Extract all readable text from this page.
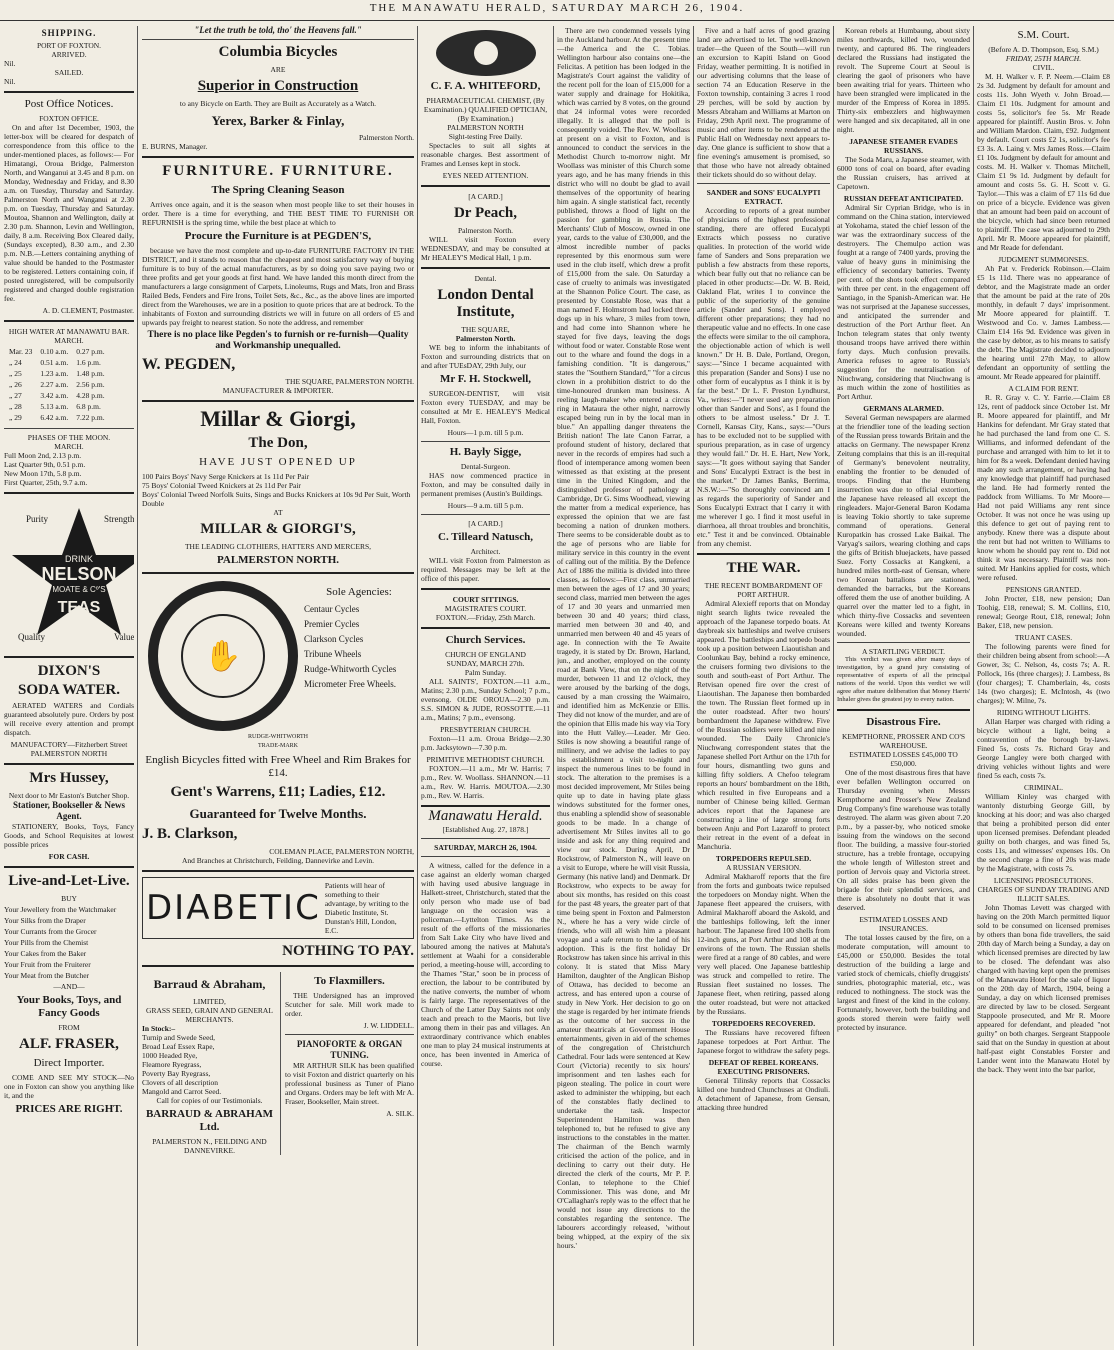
THE MANAWATU HERALD, SATURDAY MARCH 26, 1904.
SHIPPING.
PORT OF FOXTON.
ARRIVED.
Nil.
SAILED.
Nil.
Post Office Notices.
FOXTON OFFICE.

On and after 1st December, 1903, the letter-box will be cleared for despatch of correspondence from this office to the under-mentioned places, as follows:— For Himatangi, Oroua Bridge, Palmerston North, and Wanganui at 3.45 and 8 p.m. on Monday, Wednesday and Friday, and 8.30 a.m. on Tuesday, Thursday and Saturday. Palmerston North and Wanganui at 2.30 p.m. on Tuesday, Thursday and Saturday. Moutoa, Shannon and Wellington, daily at 2.30 p.m. Shannon, Levin and Wellington, daily, 8 a.m. Receiving Box Cleared daily, (Sundays excepted), 8.30 a.m., and 2.30 p.m. N.B.—Letters containing anything of value should be handed to the Postmaster to be registered. Letters containing coin, if posted unregistered, will be compulsorily registered and charged double registration fee.

A. D. CLEMENT, Postmaster.
HIGH WATER AT MANAWATU BAR.
MARCH.
Mar. 23	0.10 a.m.	0.27 p.m.
„ 24	0.51 a.m.	1.6 p.m.
„ 25	1.23 a.m.	1.48 p.m.
„ 26	2.27 a.m.	2.56 p.m.
„ 27	3.42 a.m.	4.28 p.m.
„ 28	5.13 a.m.	6.8 p.m.
„ 29	6.42 a.m.	7.22 p.m.
PHASES OF THE MOON.
MARCH.
Full Moon 2nd, 2.13 p.m.
Last Quarter 9th, 0.51 p.m.
New Moon 17th, 5.8 p.m.
First Quarter, 25th, 9.7 a.m.
Purity	Strength
DRINK
NELSON
MOATE & Cº'S
TEAS
Quality	Value
DIXON'S
SODA WATER.

AERATED WATERS and Cordials guaranteed absolutely pure. Orders by post will receive every attention and prompt dispatch.

MANUFACTORY—Fitzherbert Street PALMERSTON NORTH
Mrs Hussey,
Next door to Mr Easton's Butcher Shop.
Stationer, Bookseller & News Agent.

STATIONERY, Books, Toys, Fancy Goods, and School Requisites at lowest possible prices

FOR CASH.
Live-and-Let-Live.
BUY
Your Jewellery from the Watchmaker
Your Silks from the Draper
Your Currants from the Grocer
Your Pills from the Chemist
Your Cakes from the Baker
Your Fruit from the Fruiterer
Your Meat from the Butcher
—AND—
Your Books, Toys, and Fancy Goods
FROM
ALF. FRASER,
Direct Importer.

COME AND SEE MY STOCK—No one in Foxton can show you anything like it, and the

PRICES ARE RIGHT.
"Let the truth be told, tho' the Heavens fall."
Columbia Bicycles
ARE
Superior in Construction
to any Bicycle on Earth. They are Built as Accurately as a Watch.
Yerex, Barker & Finlay,
Palmerston North.
E. BURNS, Manager.
FURNITURE. FURNITURE.
The Spring Cleaning Season

Arrives once again, and it is the season when most people like to set their houses in order. There is a time for everything, and THE BEST TIME TO FURNISH OR REFURNISH is the spring time, while the best place at which to

Procure the Furniture is at PEGDEN'S,

because we have the most complete and up-to-date FURNITURE FACTORY IN THE DISTRICT, and it stands to reason that the cheapest and most satisfactory way of buying furniture is to buy of the actual manufacturers, as by so doing you save paying two or three profits and get your goods at first hand. We have landed this month direct from the manufacturers a large consignment of Carpets, Linoleums, Rugs and Mats, Iron and Brass Railed Beds, Fenders and Fire Irons, Toilet Sets, &c., &c., as the above lines are imported direct from the Warehouses, we are in a position to quote prices that are at bedrock. To the inhabitants of Foxton and surrounding districts we will in future on all orders of £5 and upwards pay freight to nearest station. So note the address, and remember

There is no place like Pegden's to furnish or re-furnish—Quality and Workmanship unequalled.
W. PEGDEN,
THE SQUARE, PALMERSTON NORTH.
MANUFACTURER & IMPORTER.
Millar & Giorgi,
The Don,
HAVE JUST OPENED UP
100 Pairs Boys' Navy Serge Knickers at 1s 11d Per Pair
75 Boys' Colonial Tweed Knickers at 2s 11d Per Pair
Boys' Colonial Tweed Norfolk Suits, Sings and Bucks Knickers at 10s 9d Per Suit, Worth Double
AT
MILLAR & GIORGI'S,
THE LEADING CLOTHIERS, HATTERS AND MERCERS,
PALMERSTON NORTH.
✋
Sole Agencies:
Centaur Cycles
Premier Cycles
Clarkson Cycles
Tribune Wheels
Rudge-Whitworth Cycles
Micrometer Free Wheels.
RUDGE-WHITWORTH
TRADE-MARK
English Bicycles fitted with Free Wheel and Rim Brakes for £14.
Gent's Warrens, £11; Ladies, £12.
Guaranteed for Twelve Months.
J. B. Clarkson,
COLEMAN PLACE, PALMERSTON NORTH,
And Branches at Christchurch, Feilding, Dannevirke and Levin.
DIABETIC
Patients will hear of something to their advantage, by writing to the Diabetic Institute, St. Dunstan's Hill, London, E.C.
NOTHING TO PAY.
Barraud & Abraham,
LIMITED,
GRASS SEED, GRAIN AND GENERAL MERCHANTS.
In Stock:–
Turnip and Swede Seed,
Broad Leaf Essex Rape,
1000 Headed Rye,
Fleamore Ryegrass,
Poverty Bay Ryegrass,
Clovers of all description
Mangold and Carrot Seed.
Call for copies of our Testimonials.
BARRAUD & ABRAHAM Ltd.
PALMERSTON N., FEILDING AND DANNEVIRKE.
To Flaxmillers.

THE Undersigned has an improved Scutcher for sale. Mill work made to order.

J. W. LIDDELL.
PIANOFORTE & ORGAN TUNING.

MR ARTHUR SILK has been qualified to visit Foxton and district quarterly on his professional business as Tuner of Piano and Organs. Orders may be left with Mr A. Fraser, Bookseller, Main street.

A. SILK.
C. F. A. WHITEFORD,
PHARMACEUTICAL CHEMIST, (By Examination.) QUALIFIED OPTICIAN, (By Examination.)
PALMERSTON NORTH
Sight-testing Free Daily.

Spectacles to suit all sights at reasonable charges. Best assortment of Frames and Lenses kept in stock.

EYES NEED ATTENTION.
[A CARD.]
Dr Peach,
Palmerston North.

WILL visit Foxton every WEDNESDAY, and may be consulted at Mr HEALEY'S Medical Hall, 1 p.m.

Dental.
London Dental Institute,
THE SQUARE,
Palmerston North.

WE beg to inform the inhabitants of Foxton and surrounding districts that on and after TUEsDAY, 29th July, our

Mr F. H. Stockwell,

SURGEON-DENTIST, will visit Foxton every TUESDAY, and may be consulted at Mr E. HEALEY'S Medical Hall, Foxton.

Hours—1 p.m. till 5 p.m.
H. Bayly Sigge,
Dental-Surgeon.

HAS now commenced practice in Foxton, and may be consulted daily in permanent premises (Austin's Buildings.

Hours—9 a.m. till 5 p.m.
[A CARD.]
C. Tilleard Natusch,
Architect.

WILL visit Foxton from Palmerston as required. Messages may be left at the office of this paper.

COURT SITTINGS.
MAGISTRATE'S COURT.
FOXTON.—Friday, 25th March.
Church Services.
CHURCH OF ENGLAND
SUNDAY, MARCH 27th.
Palm Sunday.

ALL SAINTS', FOXTON.—11 a.m., Matins; 2.30 p.m., Sunday School; 7 p.m., evensong. OLDE OROUA—2.30 p.m. S.S. SIMON & JUDE, ROSSOTTE.—11 a.m., Matins; 7 p.m., evensong.

PRESBYTERIAN CHURCH.

Foxton—11 a.m. Oroua Bridge—2.30 p.m. Jacksytown—7.30 p.m.

PRIMITIVE METHODIST CHURCH.

FOXTON.—11 a.m., Mr W. Harris; 7 p.m., Rev. W. Woollass. SHANNON.—11 a.m., Rev. W. Harris. MOUTOA.—2.30 p.m., Rev. W. Harris.

Manawatu Herald.
[Established Aug. 27, 1878.]
SATURDAY, MARCH 26, 1904.

A witness, called for the defence in a case against an elderly woman charged with having used abusive language in Halkett-street, Christchurch, stated that the only person who made use of bad language on the occasion was a policeman.—Lyttelton Times. As the result of the efforts of the missionaries from Salt Lake City who have lived and laboured among the natives at Mahuta's settlement at Waahi for a considerable period, a meeting-house will, according to the Thames "Star," soon be in process of erection, the labour to be contributed by the native converts, the number of whom is fairly large. The representatives of the Church of the Latter Day Saints not only teach and preach to the Maoris, but live among them in their pas and villages. An extraordinary contrivance which enables one man to play 24 musical instruments at once, has been invented in America of course.

There are two condemned vessels lying in the Auckland harbour. At the present time—the America and the C. Tobias. Wellington harbour also contains one—the Felicitas. A petition has been lodged in the Magistrate's Court against the validity of the recent poll for the loan of £15,000 for a water supply and drainage for Hokitika, which was carried by 8 votes, on the ground that 24 informal votes were recorded illegally. It is alleged that the poll is consequently voided. The Rev. W. Woollass at present on a visit to Foxton, and is announced to conduct the services in the Methodist Church to-morrow night. Mr Woollass was minister of this Church some years ago, and he has many friends in this district who will no doubt be glad to avail themselves of the opportunity of hearing him again. A single statistical fact, recently published, throws a flood of light on the passion for gambling in Russia. The Merchants' Club of Moscow, owned in one year, cards to the value of £30,000, and the almost incredible number of packs represented by this enormous sum were used in the club itself, which drew a profit of £15,000 from the sale. On Saturday a case of cruelty to animals was investigated at the Shannon Police Court. The case, as presented by Constable Rose, was that a man named F. Holmstrom had locked three dogs up in his whare, 3 miles from town, and had come into Shannon where he stayed for five days, leaving the dogs without food or water. Constable Rose went out to the whare and found the dogs in a famishing condition. "It is dangerous," states the "Southern Standard," "for a circus clown in a prohibition district to do the time-honoured drunken man business. A reeling laugh-maker who entered a circus ring in Mataura the other night, narrowly escaped being run in by the local man in blue." An appalling danger threatens the British nation! The late Canon Farrar, a profound student of history, declared that never in the records of empires had such a flood of intemperance among women been witnessed as that existing at the present time in the United Kingdom, and the distinguished professor of pathology at Cambridge, Dr G. Sims Woodhead, viewing the matter from a medical experience, has expressed the opinion that we are fast becoming a nation of drunken mothers. There seems to be considerable doubt as to the age of persons who are liable for military service in this country in the event of calling out of the militia. By the Defence Act of 1886 the militia is divided into three classes, as follows:—First class, unmarried men between the ages of 17 and 30 years; second class, married men between the ages of 17 and 30 years and unmarried men between 30 and 40 years; third class, married men between 30 and 40, and unmarried men between 40 and 45 years of age. In connection with the Te Awaite tragedy, it is stated by Dr. Brown, Harland, jun., and another, employed on the county road at Bank View, that on the night of the murder, between 11 and 12 o'clock, they were aroused by the barking of the dogs, caused by a man crossing the Waimairo, and identified him as McKenzie or Ellis. They did not know of the murder, and are of the opinion that Ellis made his way via Tory into the Hutt Valley.—Leader. Mr Geo. Stiles is now showing a beautiful range of millinery, and we advise the ladies to pay his establishment a visit to-night and inspect the numerous lines to be found in stock. The alteration to the premises is a most decided improvement, Mr Stiles being quite up to date in having plate glass windows substituted for the former ones, thus enabling a splendid show of seasonable goods to be made. In a change of advertisement Mr Stiles invites all to go inside and ask for any thing required and view our stock. During April, Dr Rockstrow, of Palmerston N., will leave on a visit to Europe, where he will visit Russia, Germany (his native land) and Denmark. Dr Rockstrow, who expects to be away for about six months, has resided on this coast for the past 48 years, the greater part of that time being spent in Foxton and Palmerston N., where he has a very wide circle of friends, who will all wish him a pleasant voyage and a safe return to the land of his adoption. This is the first holiday Dr Rockstrow has taken since his arrival in this colony. It is stated that Miss Mary Hamilton, daughter of the Anglican Bishop of Ottawa, has decided to become an actress, and has entered upon a course of study in New York. Her decision to go on the stage is regarded by her intimate friends as the outcome of her success in the amateur theatricals at Government House entertainments, given in aid of the schemes of the congregation of Christchurch Cathedral. Four lads were sentenced at Kew Court (Victoria) recently to six hours' imprisonment and ten lashes each for pigeon stealing. The police in court were asked to administer the whipping, but each of the constables flatly declined to undertake the task. Inspector Superintendent Hamilton was then telephoned to, but he refused to give any instructions to the constables in the matter. The chairman of the Bench warmly criticised the action of the police, and in declining to carry out their duty. He directed the clerk of the courts, Mr P. P. Conlan, to telephone to the Chief Commissioner. This was done, and Mr O'Callaghan's reply was to the effect that he would not issue any directions to the constables regarding the sentence. The labourers accordingly released, 'without being whipped, at the expiry of the six hours.'

Five and a half acres of good grazing land are advertised to let. The well-known trader—the Queen of the South—will run an excursion to Kapiti Island on Good Friday, weather permitting. It is notified in our advertising columns that the lease of section 74 an Education Reserve in the Foxton township, containing 3 acres 1 rood 29 perches, will be sold by auction by Messrs Abraham and Williams at Marton on Friday, 29th April next. The programme of music and other items to be rendered at the Public Hall on Wednesday next appears to-day. One glance is sufficient to show that a fine evening's amusement is promised, so that those who have not already obtained their tickets should do so without delay.

SANDER and SONS' EUCALYPTI EXTRACT.

According to reports of a great number of physicians of the highest professional standing, there are offered Eucalypti Extracts which possess no curative qualities. In protection of the world wide fame of Sanders and Sons preparation we publish a few abstracts from these reports, which bear fully out that no reliance can be placed in other products:—Dr. W. B. Reid, Oakland Flat, writes I to convince the public of the superiority of the genuine article (Sander and Sons). I employed different other preparations; they had no therapeutic value and no effects. In one case the effects were similar to the oil camphora, the objectionable action of which is well known." Dr H. B. Dale, Portland, Oregon, says:—"Since I became acquainted with this preparation (Sander and Sons) I use no other form of eucalyptus as I think it is by far the best." Dr L. F. Preston Lyndhurst, Va., writes:—"I never used any preparation other than Sander and Sons', as I found the others to be almost useless." Dr J. T. Cornell, Kansas City, Kans., says:—"Ours has to be excluded not to be supplied with spurious preparation, as in case of urgency they would fail." Dr. H. E. Hart, New York, says:—"It goes without saying that Sander and Sons' Eucalypti Extract is the best in the market." Dr James Banks, Berrima, N.S.W.:—"So thoroughly convinced am I as regards the superiority of Sander and Sons Eucalypti Extract that I carry it with me wherever I go. I find it most useful in diarrhoea, all throat troubles and bronchitis, etc." Test it and be convinced. Obtainable from any chemist.

THE WAR.
THE RECENT BOMBARDMENT OF PORT ARTHUR.

Admiral Alexieff reports that on Monday night search lights twice revealed the approach of the Japanese torpedo boats. At daybreak six battleships and twelve cruisers appeared. The battleships and torpedo boats took up a position between Liaoutishan and Coolunkau Bay, behind a rocky eminence, the cruisers forming two divisions to the south and south-east of Port Arthur. The Retvisan opened fire over the crest of Liaoutishan. The Japanese then bombarded the town. The Russian fleet formed up in the outer roadstead. After two hours' bombardment the Japanese withdrew. Five of the Russian soldiers were killed and nine wounded. The Daily Chronicle's Niuchwang correspondent states that the Japanese shelled Port Arthur on the 17th for four hours, dismantling two guns and killing fifty soldiers. A Chefoo telegram reports an hours' bombardment on the 18th, which resulted in five Europeans and a number of Chinese being killed. German advices report that the Japanese are constructing a line of large strong forts between Anju and Port Lazaroff to protect their retreat in the event of a defeat in Manchuria.

TORPEDOERS REPULSED.
A RUSSIAN VERSION.

Admiral Makharoff reports that the fire from the forts and gunboats twice repulsed the torpedoers on Monday night. When the Japanese fleet appeared the cruisers, with Admiral Makharoff aboard the Askold, and the battleships following, left the inner harbour. The Japanese fired 100 shells from 12-inch guns, at Port Arthur and 108 at the environs of the town. The Russian shells were fired at a range of 80 cables, and were very well placed. One Japanese battleship was struck and compelled to retire. The Russian fleet sustained no losses. The Japanese fleet, when retiring, passed along the outer roadstead, but were not attacked by the Russians.

TORPEDOERS RECOVERED.

The Russians have recovered fifteen Japanese torpedoes at Port Arthur. The Japanese forgot to withdraw the safety pegs.

DEFEAT OF REBEL KOREANS. EXECUTING PRISONERS.

General Tilinsky reports that Cossacks killed one hundred Chunchuses at Ondiuli. A detachment of Japanese, from Gensan, attacking three hundred

Korean rebels at Humbaung, about sixty miles northwards, killed two, wounded twenty, and captured 86. The ringleaders declared the Russians had instigated the revolt. The Supreme Court at Seoul is clearing the gaol of prisoners who have been awaiting trial for years. Thirteen who have been strangled were implicated in the murder of the Empress of Korea in 1895. Thirty-six embezzlers and highwaymen were hanged and six decapitated, all in one night.

JAPANESE STEAMER EVADES RUSSIANS.

The Soda Maru, a Japanese steamer, with 6000 tons of coal on board, after evading the Russian cruisers, has arrived at Capetown.

RUSSIAN DEFEAT ANTICIPATED.

Admiral Sir Cyprian Bridge, who is in command on the China station, interviewed at Yokohama, stated the chief lesson of the war was the extraordinary success of the destroyers. The Chemulpo action was fought at a range of 7400 yards, proving the value of heavy guns in minimising the efficiency of secondary batteries. Twenty per cent. of the shots took effect compared with three per cent. in the engagement off Santiago, in the Spanish-American war. He was not surprised at the Japanese successes, and anticipated the surrender and destruction of the Port Arthur fleet. An Inchon telegram states that only twenty thousand troops have arrived there within forty days. Much confusion prevails. America refuses to agree to Russia's suggestion for the neutralisation of Niuchwang, considering that Niuchwang is as much within the zone of hostilities as Port Arthur.

GERMANS ALARMED.

Several German newspapers are alarmed at the friendlier tone of the leading section of the Russian press towards Britain and the attacks on Germany. The newspaper Krenz Zeitung complains that this is an ill-requital of Germany's benevolent neutrality, enabling the frontier to be denuded of troops. Finding that the Humbeng insurrection was due to official extortion, the Japanese have released all except the ringleaders. Major-General Baron Kodama is leaving Tokio shortly to take supreme command of operations. General Kuropatkin has crossed Lake Baikal. The Varyag's sailors, wearing clothing and caps the gifts of British bluejackets, have passed Suez. Forty Cossacks at Kangkeni, a hundred miles north-east of Gensan, where two Korean battalions are stationed, demanded the barracks, but the Koreans offered them the use of another building. A quarrel over the matter led to a fight, in which thirty-five Cossacks and seventeen Koreans were killed and twenty Koreans wounded.

A STARTLING VERDICT.

This verdict was given after many days of investigation, by a grand jury consisting of representative of experts of all the principal nations of the world. Upon this verdict we will agree after mature deliberation that Money Harris' Inhaler gives the greatest joy to every nation.

Disastrous Fire.
KEMPTHORNE, PROSSER AND CO'S WAREHOUSE.
ESTIMATED LOSSES £45,000 TO £50,000.

One of the most disastrous fires that have ever befallen Wellington occurred on Thursday evening when Messrs Kempthorne and Prosser's New Zealand Drug Company's fine warehouse was totally destroyed. The alarm was given about 7.20 p.m., by a passer-by, who noticed smoke issuing from the windows on the second floor. The building, a massive four-storied structure, has a treble frontage, occupying the whole length of Willeston street and portion of Jervois quay and Victoria street. On all sides praise has been given the brigade for their splendid services, and there is absolutely no doubt that it was deserved.

ESTIMATED LOSSES AND INSURANCES.

The total losses caused by the fire, on a moderate computation, will amount to £45,000 or £50,000. Besides the total destruction of the building a large and varied stock of chemicals, chiefly druggists' sundries, photographic material, etc., was reduced to nothingness. The stock was the largest and finest of the kind in the colony. Fortunately, however, both the building and goods stored therein were fairly well protected by insurance.

S.M. Court.
(Before A. D. Thompson, Esq. S.M.)
FRIDAY, 25TH MARCH.
CIVIL.

M. H. Walker v. F. P. Neem.—Claim £8 2s 3d. Judgment by default for amount and costs 11s. John Wyeth v. John Broad.—Claim £1 10s. Judgment for amount and costs 5s, solicitor's fee 5s. Mr Reade appeared for plaintiff. Austin Bros. v. John and William Mardon. Claim, £92. Judgment by default. Court costs £2 1s, solicitor's fee £3 3s. A. Laing v. Mrs James Ross.—Claim £1 10s. Judgment by default for amount and costs. M. H. Walker v. Thomas Mitchell, Claim £1 9s 1d. Judgment by default for amount and costs 5s. G. H. Scott v. G. Taylor.—This was a claim of £7 11s 6d due on price of a bicycle. Evidence was given that an amount had been paid on account of the bicycle, which had since been returned to plaintiff. The case was adjourned to 29th April. Mr R. Moore appeared for plaintiff, and Mr Reade for defendant.

JUDGMENT SUMMONSES.

Ah Pat v. Frederick Robinson.—Claim £5 1s 11d. There was no appearance of debtor, and the Magistrate made an order that the amount be paid at the rate of 20s monthly, in default 7 days' imprisonment. Mr Moore appeared for plaintiff. T. Westwood and Co. v. James Lambess.—Claim £14 16s 9d. Evidence was given in the case by debtor, as to his means to satisfy the debt. The Magistrate decided to adjourn the hearing until 27th May, to allow defendant an opportunity of settling the amount. Mr Reade appeared for plaintiff.

A CLAIM FOR RENT.

R. R. Gray v. C. Y. Farrie.—Claim £8 12s, rent of paddock since October 1st. Mr R. Moore appeared for plaintiff, and Mr Hankins for defendant. Mr Gray stated that he had purchased the land from one C. S. Williams, and informed defendant of the purchase and arranged with him to let it to him for 8s a week. Defendant denied having made any such arrangement, or having had any knowledge that plaintiff had purchased the land. He had formerly rented the paddock from Williams. To Mr Moore—Had not paid Williams any rent since October. It was not once he was using up this defence to get out of paying rent to anybody. Knew there was a dispute about the rent but had not written to Williams to know whom he should pay rent to. Did not think it was necessary. Plaintiff was non-suited. Mr Hankins applied for costs, which were refused.

PENSIONS GRANTED.

John Procter, £18, new pension; Dan Toohig, £18, renewal; S. M. Collins, £10, renewal; George Rout, £18, renewal; John Baker, £18, new pension.

TRUANT CASES.

The following parents were fined for their children being absent from school:—A Gower, 3s; C. Nelson, 4s, costs 7s; A. R. Pollock, 16s (three charges); J. Lambess, 8s (four charges); T. Chamberlain, 4s, costs 14s (two charges); E. McIntosh, 4s (two charges); W. Milne, 7s.

RIDING WITHOUT LIGHTS.

Allan Harper was charged with riding a bicycle without a light, being a contravention of the borough by-laws. Fined 5s, costs 7s. Richard Gray and George Langley were both charged with driving vehicles without lights and were fined 5s each, costs 7s.

CRIMINAL.

William Kinley was charged with wantonly disturbing George Gill, by knocking at his door; and was also charged that being a prohibited person did enter upon licensed premises. Defendant pleaded guilty on both charges, and was fined 5s, costs 11s, and witnesses' expenses 10s. On the second charge a fine of 20s was made by the Magistrate, with costs 7s.

LICENSING PROSECUTIONS.
CHARGES OF SUNDAY TRADING AND ILLICIT SALES.

John Thomas Levett was charged with having on the 20th March permitted liquor sold to be consumed on licensed premises by others than bona fide travellers, the said 20th day of March being a Sunday, a day on which licensed premises are directed by law to be closed. The defendant was also charged with having kept open the premises of the Manawatu Hotel for the sale of liquor on the 20th day of March, 1904, being a Sunday, a day on which licensed premises are directed by law to be closed. Sergeant Stappoole prosecuted, and Mr R. Moore appeared for defendant, and pleaded "not guilty" on both charges. Sergeant Stappoole said that on the Sunday in question at about half-past eight Constables Forster and Lander went into the Manawatu Hotel by the back. They went into the bar parlor,
